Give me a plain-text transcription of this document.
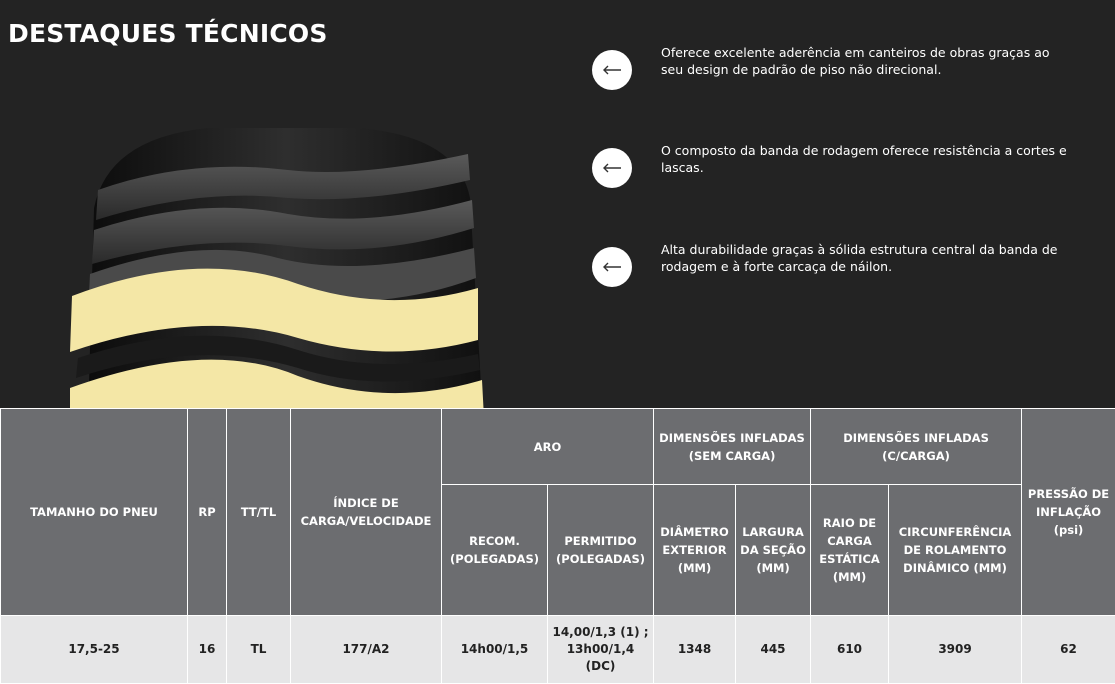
DESTAQUES TÉCNICOS
Oferece excelente aderência em canteiros de obras graças ao seu design de padrão de piso não direcional.
O composto da banda de rodagem oferece resistência a cortes e lascas.
Alta durabilidade graças à sólida estrutura central da banda de rodagem e à forte carcaça de náilon.
TAMANHO DO PNEU	RP	TT/TL	ÍNDICE DE CARGA/VELOCIDADE	ARO		DIMENSÕES INFLADAS (SEM CARGA)		DIMENSÕES INFLADAS (C/CARGA)		PRESSÃO DE INFLAÇÃO (psi)
				RECOM. (POLEGADAS)	PERMITIDO (POLEGADAS)	DIÂMETRO EXTERIOR (MM)	LARGURA DA SEÇÃO (MM)	RAIO DE CARGA ESTÁTICA (MM)	CIRCUNFERÊNCIA DE ROLAMENTO DINÂMICO (MM)	
17,5-25	16	TL	177/A2	14h00/1,5	14,00/1,3 (1) ; 13h00/1,4 (DC)	1348	445	610	3909	62
